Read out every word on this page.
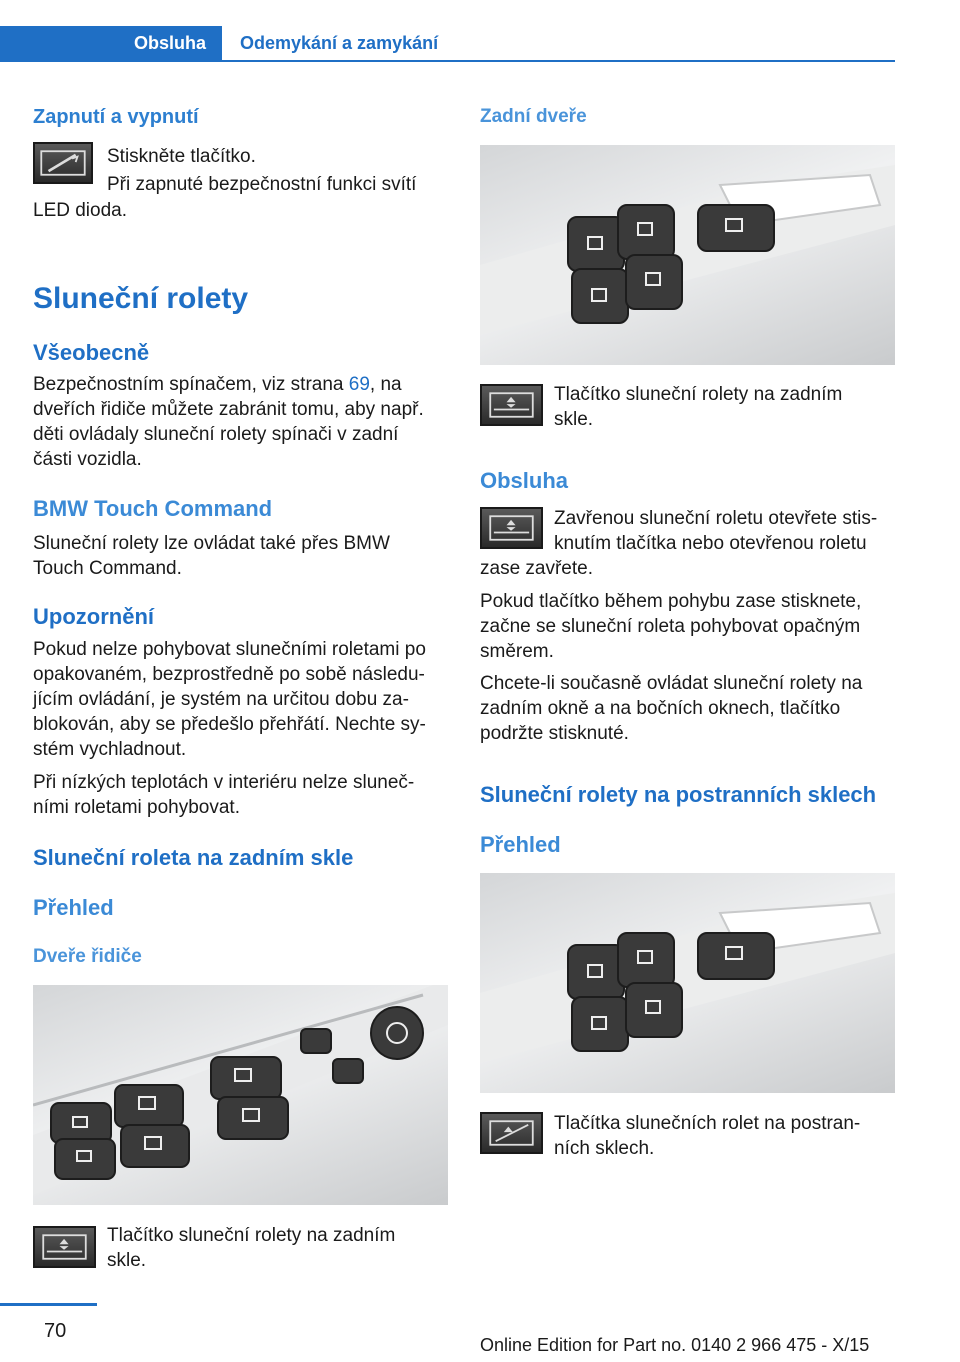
Obsluha	Odemykání a zamykání
Zapnutí a vypnutí
Stiskněte tlačítko.
Při zapnuté bezpečnostní funkci svítí
LED dioda.
Sluneční rolety
Všeobecně
Bezpečnostním spínačem, viz strana 69, na
dveřích řidiče můžete zabránit tomu, aby např.
děti ovládaly sluneční rolety spínači v zadní
části vozidla.
BMW Touch Command
Sluneční rolety lze ovládat také přes BMW
Touch Command.
Upozornění
Pokud nelze pohybovat slunečními roletami po
opakovaném, bezprostředně po sobě následu-
jícím ovládání, je systém na určitou dobu za-
blokován, aby se předešlo přehřátí. Nechte sy-
stém vychladnout.
Při nízkých teplotách v interiéru nelze sluneč-
ními roletami pohybovat.
Sluneční roleta na zadním skle
Přehled
Dveře řidiče
Tlačítko sluneční rolety na zadním
skle.
Zadní dveře
Tlačítko sluneční rolety na zadním
skle.
Obsluha
Zavřenou sluneční roletu otevřete stis-
knutím tlačítka nebo otevřenou roletu
zase zavřete.
Pokud tlačítko během pohybu zase stisknete,
začne se sluneční roleta pohybovat opačným
směrem.
Chcete-li současně ovládat sluneční rolety na
zadním okně a na bočních oknech, tlačítko
podržte stisknuté.
Sluneční rolety na postranních sklech
Přehled
Tlačítka slunečních rolet na postran-
ních sklech.
70
Online Edition for Part no. 0140 2 966 475 - X/15
